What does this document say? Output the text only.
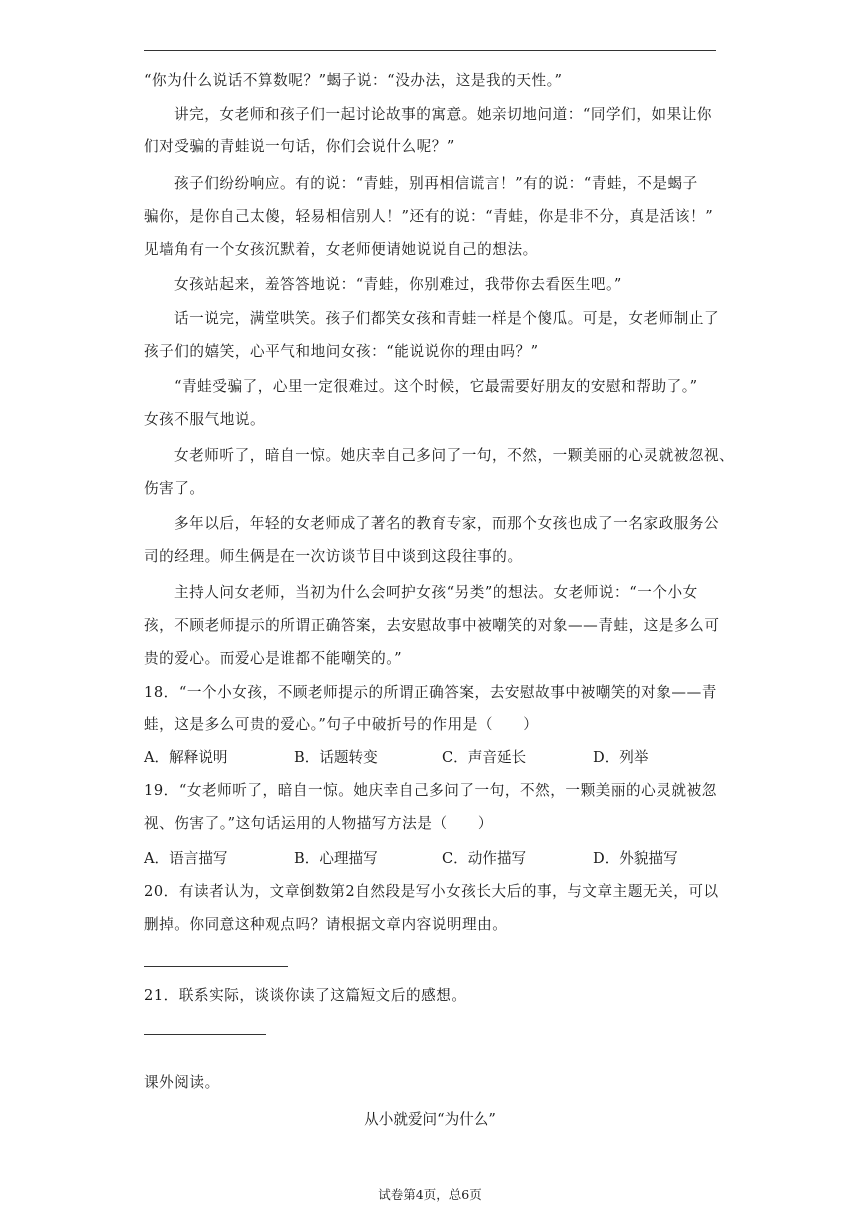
“你为什么说话不算数呢？”蝎子说：“没办法，这是我的天性。”
讲完，女老师和孩子们一起讨论故事的寓意。她亲切地问道：“同学们，如果让你
们对受骗的青蛙说一句话，你们会说什么呢？”
孩子们纷纷响应。有的说：“青蛙，别再相信谎言！”有的说：“青蛙，不是蝎子
骗你，是你自己太傻，轻易相信别人！”还有的说：“青蛙，你是非不分，真是活该！”
见墙角有一个女孩沉默着，女老师便请她说说自己的想法。
女孩站起来，羞答答地说：“青蛙，你别难过，我带你去看医生吧。”
话一说完，满堂哄笑。孩子们都笑女孩和青蛙一样是个傻瓜。可是，女老师制止了
孩子们的嬉笑，心平气和地问女孩：“能说说你的理由吗？”
“青蛙受骗了，心里一定很难过。这个时候，它最需要好朋友的安慰和帮助了。”
女孩不服气地说。
女老师听了，暗自一惊。她庆幸自己多问了一句，不然，一颗美丽的心灵就被忽视、
伤害了。
多年以后，年轻的女老师成了著名的教育专家，而那个女孩也成了一名家政服务公
司的经理。师生俩是在一次访谈节目中谈到这段往事的。
主持人问女老师，当初为什么会呵护女孩“另类”的想法。女老师说：“一个小女
孩，不顾老师提示的所谓正确答案，去安慰故事中被嘲笑的对象——青蛙，这是多么可
贵的爱心。而爱心是谁都不能嘲笑的。”
18．“一个小女孩，不顾老师提示的所谓正确答案，去安慰故事中被嘲笑的对象——青
蛙，这是多么可贵的爱心。”句子中破折号的作用是（　　）
A．解释说明	B．话题转变	C．声音延长	D．列举
19．“女老师听了，暗自一惊。她庆幸自己多问了一句，不然，一颗美丽的心灵就被忽
视、伤害了。”这句话运用的人物描写方法是（　　）
A．语言描写	B．心理描写	C．动作描写	D．外貌描写
20．有读者认为，文章倒数第2自然段是写小女孩长大后的事，与文章主题无关，可以
删掉。你同意这种观点吗？请根据文章内容说明理由。
21．联系实际，谈谈你读了这篇短文后的感想。
课外阅读。
从小就爱问“为什么”
试卷第4页，总6页
